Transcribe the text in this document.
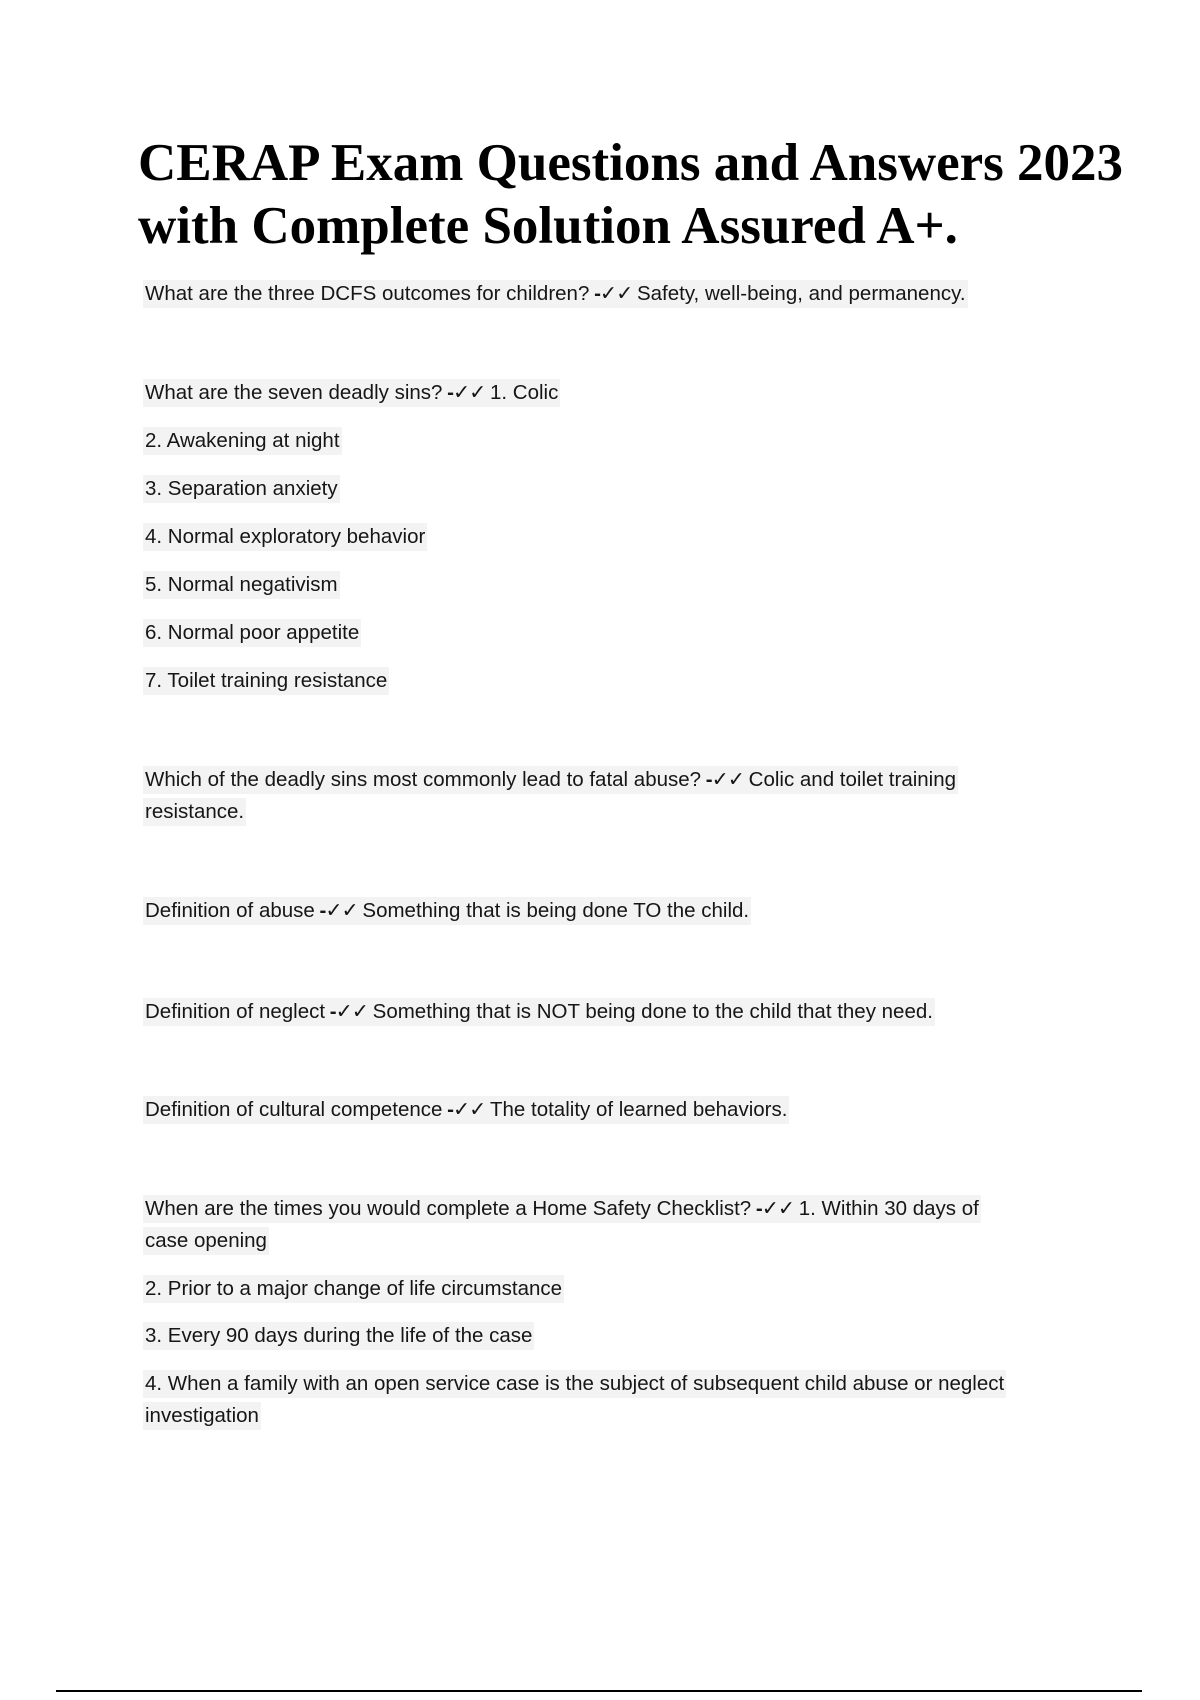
CERAP Exam Questions and Answers 2023
with Complete Solution Assured A+.
What are the three DCFS outcomes for children? -✓✓ Safety, well-being, and permanency.
What are the seven deadly sins? -✓✓ 1. Colic
2. Awakening at night
3. Separation anxiety
4. Normal exploratory behavior
5. Normal negativism
6. Normal poor appetite
7. Toilet training resistance
Which of the deadly sins most commonly lead to fatal abuse? -✓✓ Colic and toilet training
resistance.
Definition of abuse -✓✓ Something that is being done TO the child.
Definition of neglect -✓✓ Something that is NOT being done to the child that they need.
Definition of cultural competence -✓✓ The totality of learned behaviors.
When are the times you would complete a Home Safety Checklist? -✓✓ 1. Within 30 days of
case opening
2. Prior to a major change of life circumstance
3. Every 90 days during the life of the case
4. When a family with an open service case is the subject of subsequent child abuse or neglect
investigation
